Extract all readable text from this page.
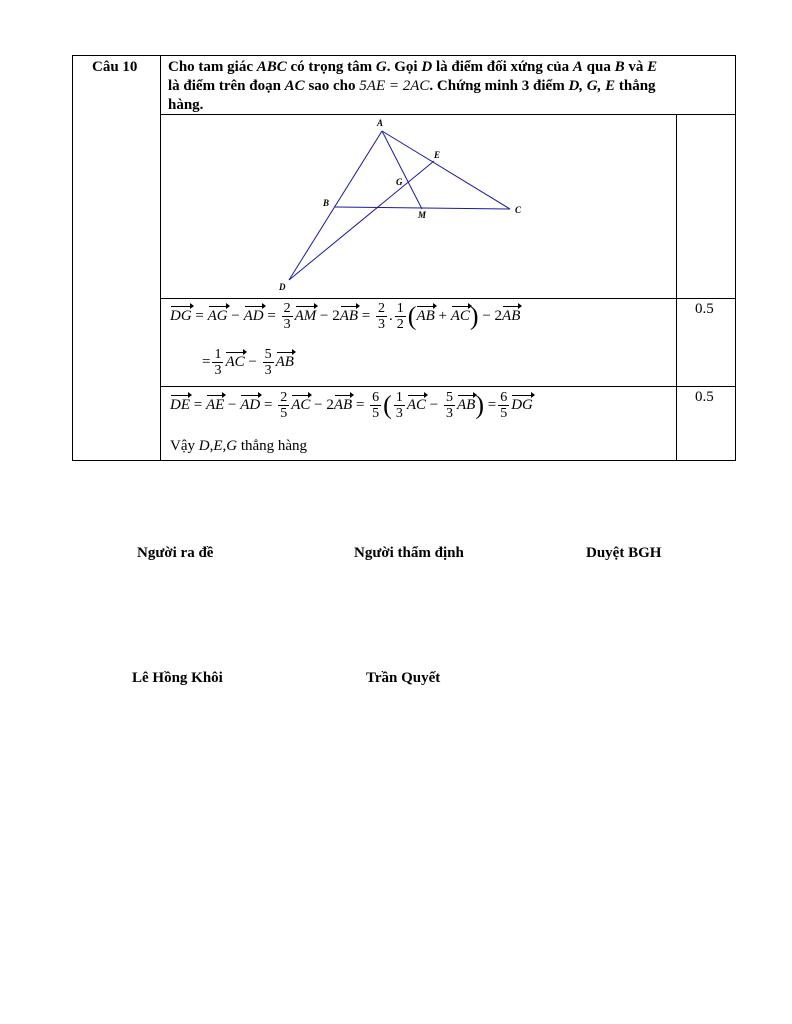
Câu 10 Cho tam giác ABC có trọng tâm G. Gọi D là điểm đối xứng của A qua B và E
là điểm trên đoạn AC sao cho 5AE = 2AC. Chứng minh 3 điểm D, G, E thẳng
hàng.
A
E
G
B
M	C
D
DG = AG − AD = $\frac{2}{3}$ AM − $2AB = \frac{2}{3}$ . $\frac{1}{2} (AB + AC) - 2AB$
= $\frac{1}{3}$ AC − $\frac{5}{3}$ AB
0.5
DE = AE − AD = $\frac{2}{5}$ AC − $2AB = \frac{6}{5}$ ( $\frac{1}{3}$ AC − $\frac{5}{3} AB) = \frac{6}{5}$ DG
Vậy D,E,G thẳng hàng
0.5
Người ra đề	Người thẩm định	Duyệt BGH
Lê Hồng Khôi	Trần Quyết
